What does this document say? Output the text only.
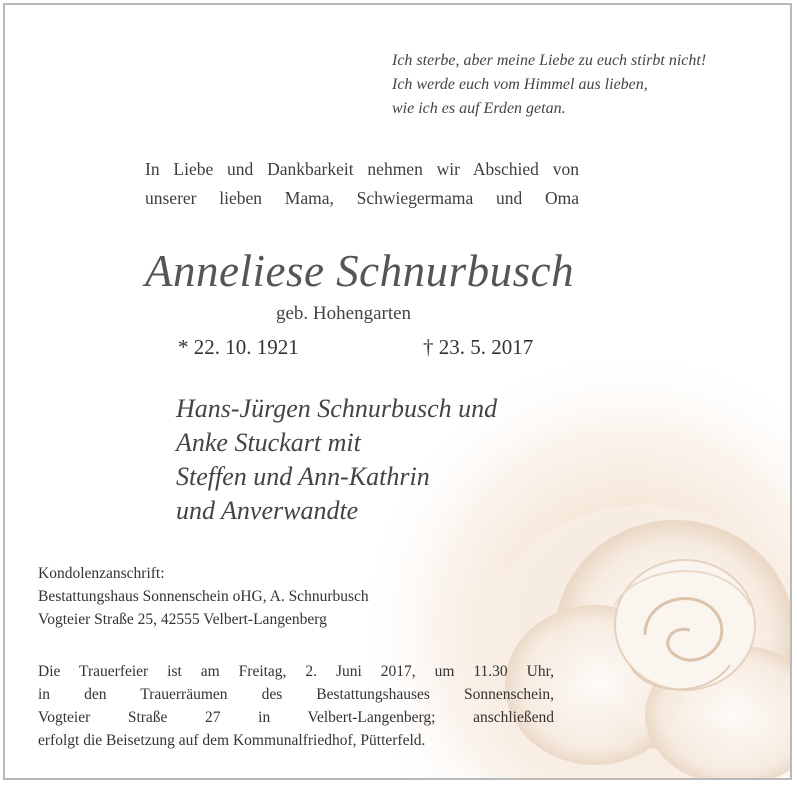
Ich sterbe, aber meine Liebe zu euch stirbt nicht!
Ich werde euch vom Himmel aus lieben,
wie ich es auf Erden getan.
In Liebe und Dankbarkeit nehmen wir Abschied von
unserer lieben Mama, Schwiegermama und Oma
Anneliese Schnurbusch
geb. Hohengarten
* 22. 10. 1921	† 23. 5. 2017
Hans-Jürgen Schnurbusch und
Anke Stuckart mit
Steffen und Ann-Kathrin
und Anverwandte
Kondolenzanschrift:
Bestattungshaus Sonnenschein oHG, A. Schnurbusch
Vogteier Straße 25, 42555 Velbert-Langenberg
Die Trauerfeier ist am Freitag, 2. Juni 2017, um 11.30 Uhr,
in den Trauerräumen des Bestattungshauses Sonnenschein,
Vogteier Straße 27 in Velbert-Langenberg; anschließend
erfolgt die Beisetzung auf dem Kommunalfriedhof, Pütterfeld.
